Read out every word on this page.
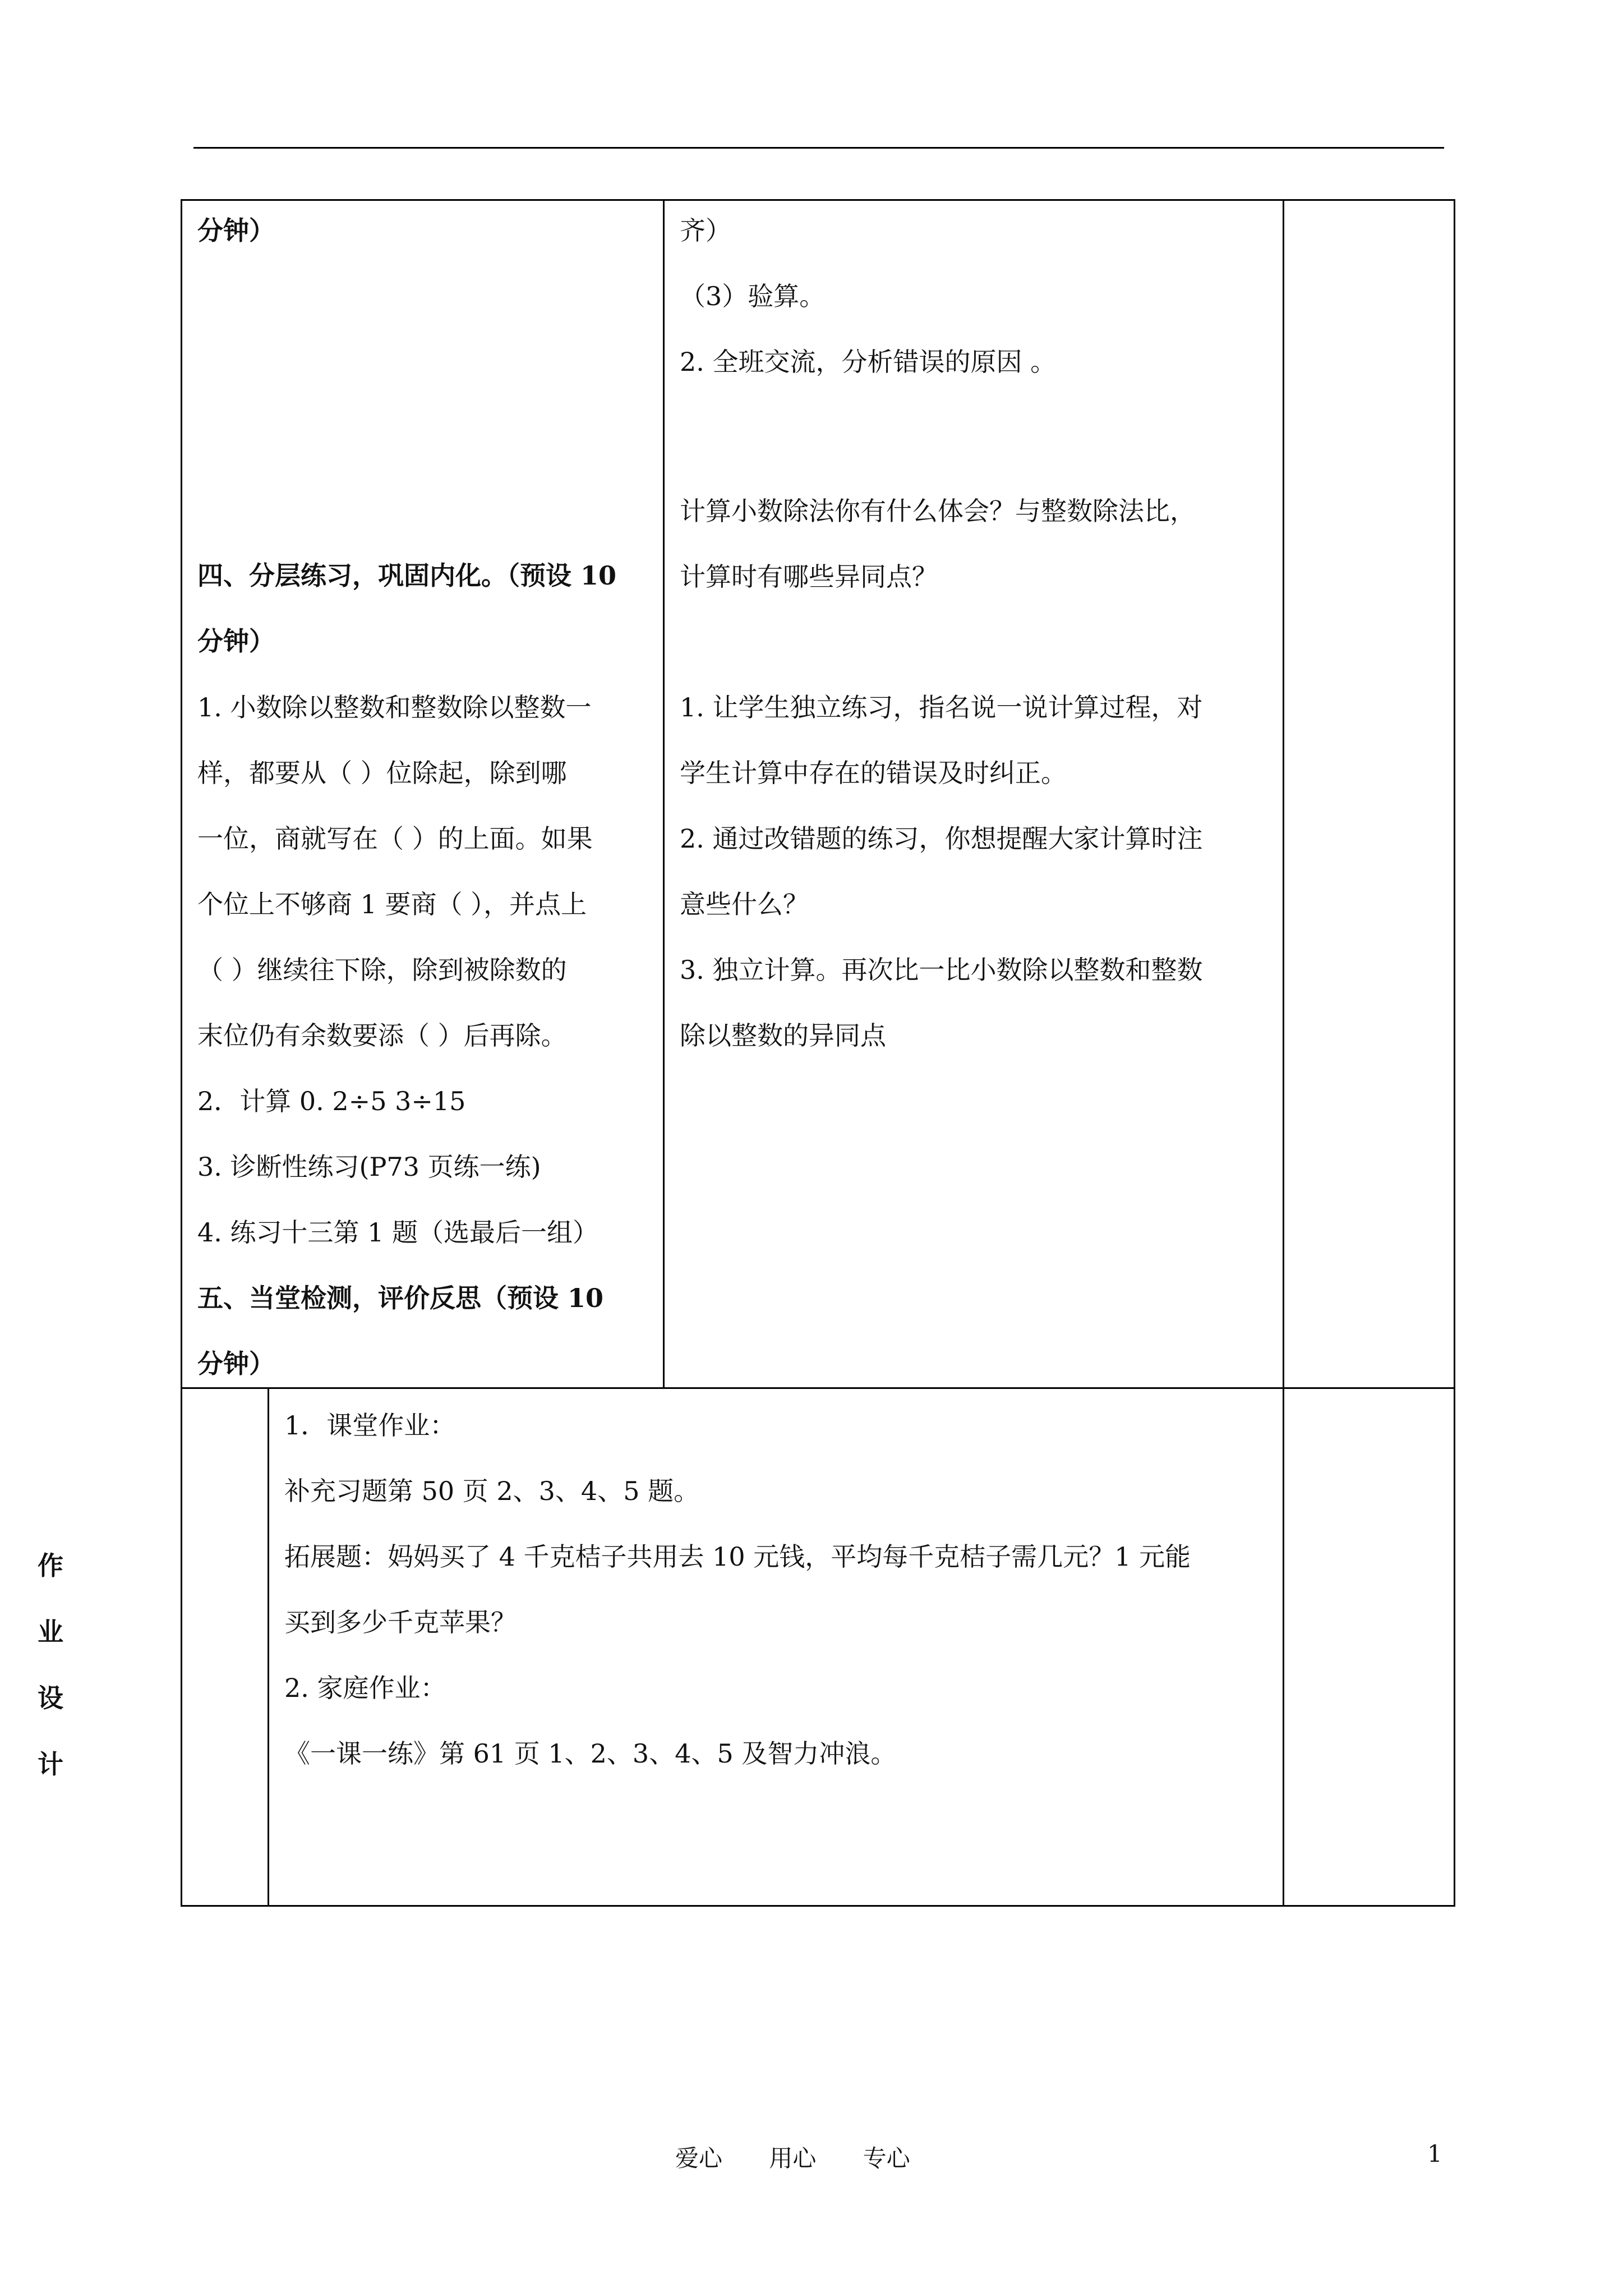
分钟）

四、分层练习，巩固内化。（预设 10

分钟）

1. 小数除以整数和整数除以整数一

样，都要从（ ）位除起，除到哪

一位，商就写在（ ）的上面。如果

个位上不够商 1 要商（ ），并点上

（ ）继续往下除，除到被除数的

末位仍有余数要添（ ）后再除。

2．计算 0. 2÷5 3÷15

3. 诊断性练习(P73 页练一练)

4. 练习十三第 1 题（选最后一组）

五、当堂检测，评价反思（预设 10

分钟）

齐）

（3）验算。

2. 全班交流，分析错误的原因 。

计算小数除法你有什么体会？与整数除法比，

计算时有哪些异同点？

1. 让学生独立练习，指名说一说计算过程，对

学生计算中存在的错误及时纠正。

2. 通过改错题的练习，你想提醒大家计算时注

意些什么？

3. 独立计算。再次比一比小数除以整数和整数

除以整数的异同点

1．课堂作业：

补充习题第 50 页 2、3、4、5 题。

拓展题：妈妈买了 4 千克桔子共用去 10 元钱，平均每千克桔子需几元？1 元能

买到多少千克苹果？

2. 家庭作业：

《一课一练》第 61 页 1、2、3、4、5 及智力冲浪。

作
业
设
计
爱心 用心 专心	1
